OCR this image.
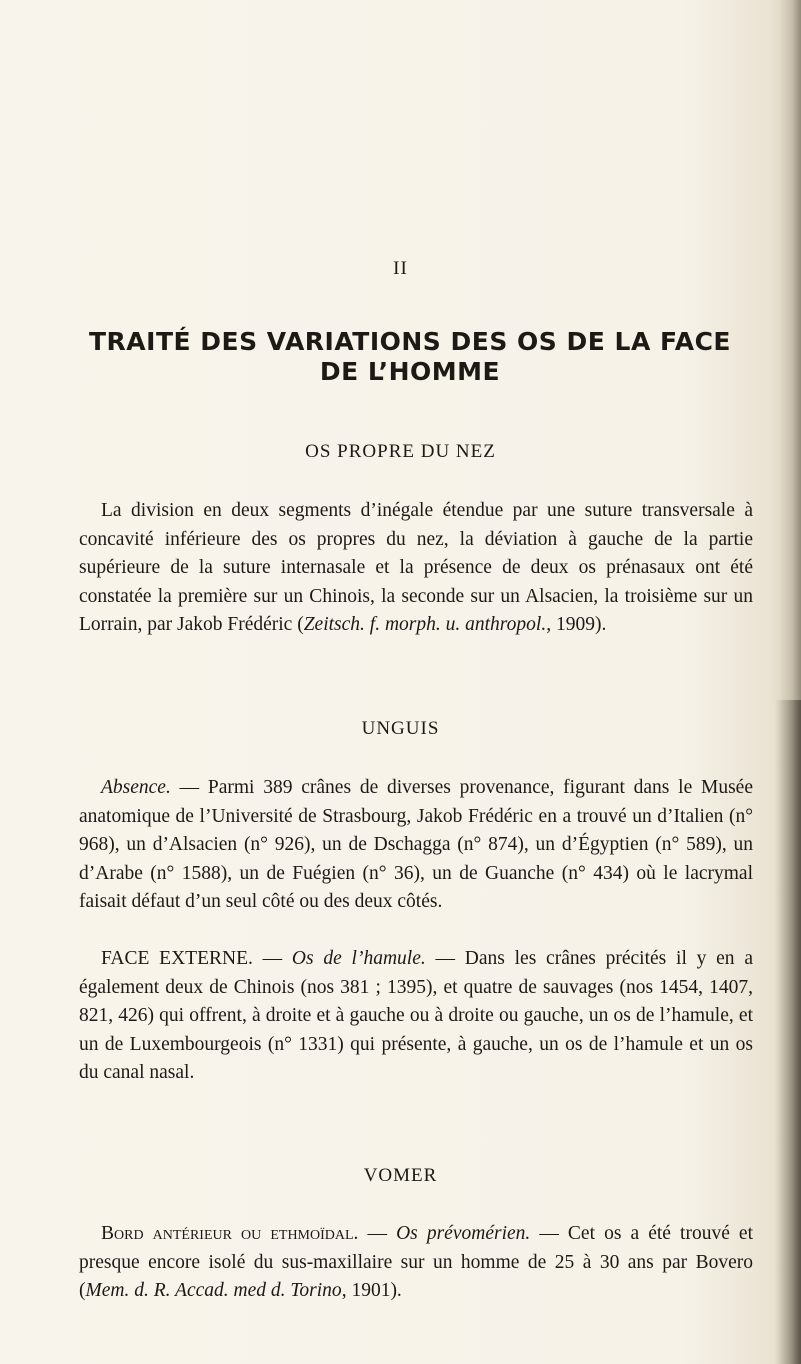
II
TRAITÉ DES VARIATIONS DES OS DE LA FACE
DE L’HOMME
OS PROPRE DU NEZ

La division en deux segments d’inégale étendue par une suture transversale à concavité inférieure des os propres du nez, la déviation à gauche de la partie supérieure de la suture internasale et la présence de deux os prénasaux ont été constatée la première sur un Chinois, la seconde sur un Alsacien, la troisième sur un Lorrain, par Jakob Frédéric (Zeitsch. f. morph. u. anthropol., 1909).

UNGUIS

Absence. — Parmi 389 crânes de diverses provenance, figurant dans le Musée anatomique de l’Université de Strasbourg, Jakob Frédéric en a trouvé un d’Italien (n° 968), un d’Alsacien (n° 926), un de Dschagga (n° 874), un d’Égyptien (n° 589), un d’Arabe (n° 1588), un de Fuégien (n° 36), un de Guanche (n° 434) où le lacrymal faisait défaut d’un seul côté ou des deux côtés.

FACE EXTERNE. — Os de l’hamule. — Dans les crânes précités il y en a également deux de Chinois (nos 381 ; 1395), et quatre de sauvages (nos 1454, 1407, 821, 426) qui offrent, à droite et à gauche ou à droite ou gauche, un os de l’hamule, et un de Luxembourgeois (n° 1331) qui présente, à gauche, un os de l’hamule et un os du canal nasal.

VOMER

Bord antérieur ou ethmoïdal. — Os prévomérien. — Cet os a été trouvé et presque encore isolé du sus-maxillaire sur un homme de 25 à 30 ans par Bovero (Mem. d. R. Accad. med d. Torino, 1901).
